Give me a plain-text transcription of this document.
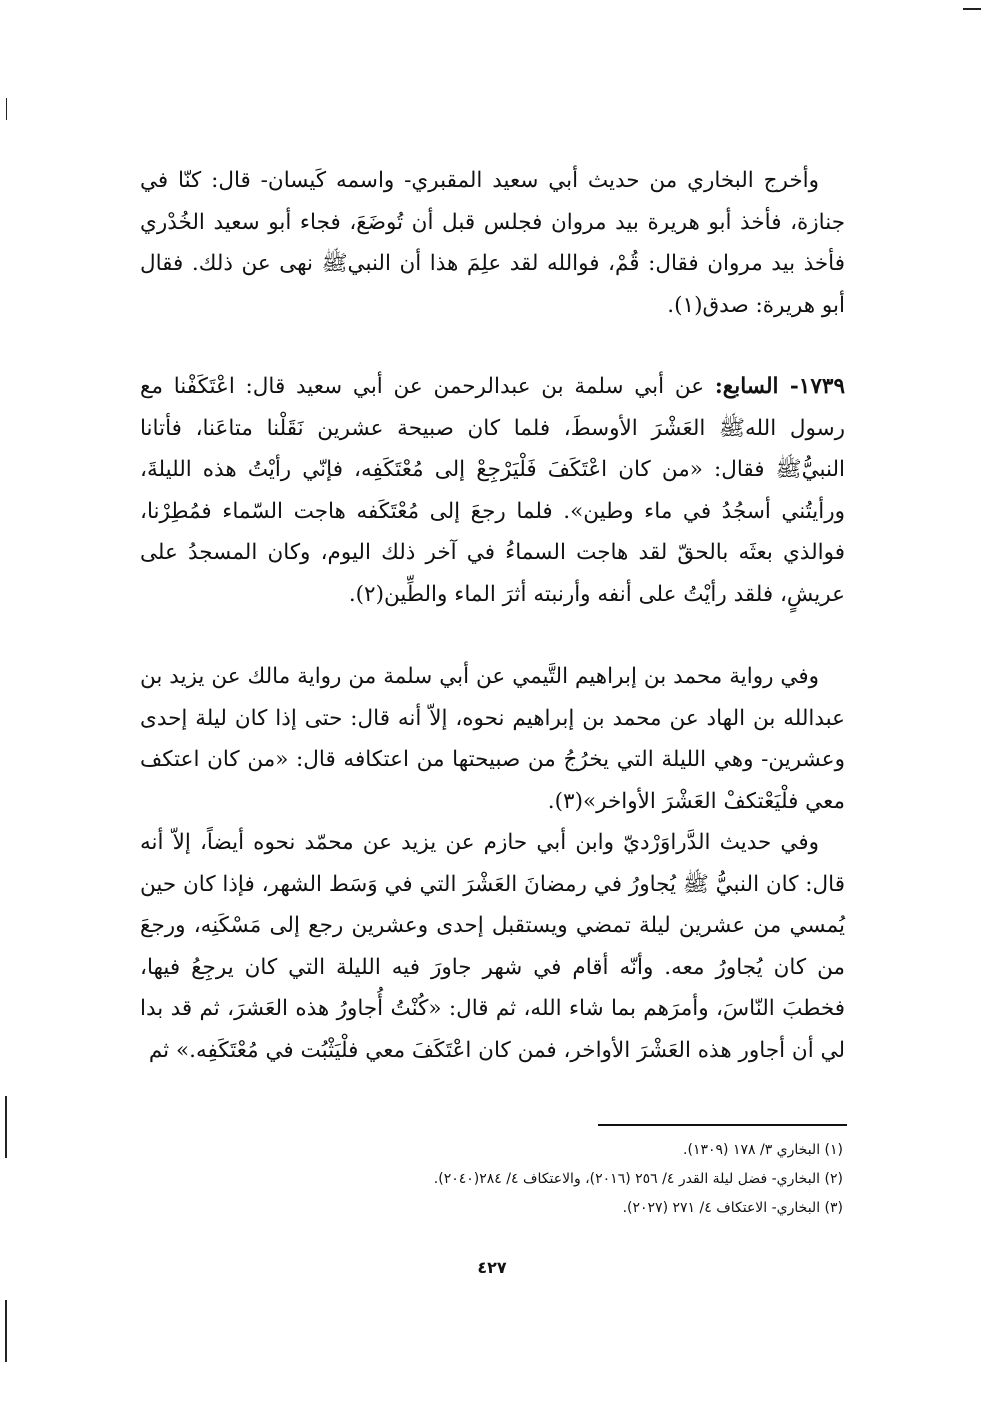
وأخرج البخاري من حديث أبي سعيد المقبري- واسمه كَيسان- قال: كنّا في جنازة، فأخذ أبو هريرة بيد مروان فجلس قبل أن تُوضَعَ، فجاء أبو سعيد الخُدْري فأخذ بيد مروان فقال: قُمْ، فوالله لقد علِمَ هذا أن النبيﷺ نهى عن ذلك. فقال أبو هريرة: صدق(١).

١٧٣٩- السابع: عن أبي سلمة بن عبدالرحمن عن أبي سعيد قال: اعْتَكَفْنا مع رسول اللهﷺ العَشْرَ الأوسطَ، فلما كان صبيحة عشرين نَقَلْنا متاعَنا، فأتانا النبيُّﷺ فقال: «من كان اعْتَكَفَ فَلْيَرْجِعْ إلى مُعْتَكَفِه، فإنّي رأيْتُ هذه الليلةَ، ورأيتُني أسجُدُ في ماء وطين». فلما رجعَ إلى مُعْتَكَفه هاجت السّماء فمُطِرْنا، فوالذي بعثَه بالحقّ لقد هاجت السماءُ في آخر ذلك اليوم، وكان المسجدُ على عريشٍ، فلقد رأيْتُ على أنفه وأرنبته أثرَ الماء والطِّين(٢).

وفي رواية محمد بن إبراهيم التَّيمي عن أبي سلمة من رواية مالك عن يزيد بن عبدالله بن الهاد عن محمد بن إبراهيم نحوه، إلاّ أنه قال: حتى إذا كان ليلة إحدى وعشرين- وهي الليلة التي يخرُجُ من صبيحتها من اعتكافه قال: «من كان اعتكف معي فلْيَعْتكفْ العَشْرَ الأواخر»(٣).

وفي حديث الدَّراوَرْديّ وابن أبي حازم عن يزيد عن محمّد نحوه أيضاً، إلاّ أنه قال: كان النبيُّ ﷺ يُجاورُ في رمضانَ العَشْرَ التي في وَسَط الشهر، فإذا كان حين يُمسي من عشرين ليلة تمضي ويستقبل إحدى وعشرين رجع إلى مَسْكَنِه، ورجعَ من كان يُجاورُ معه. وأنّه أقام في شهر جاورَ فيه الليلة التي كان يرجِعُ فيها، فخطبَ النّاسَ، وأمرَهم بما شاء الله، ثم قال: «كُنْتُ أُجاورُ هذه العَشرَ، ثم قد بدا لي أن أجاور هذه العَشْرَ الأواخر، فمن كان اعْتَكَفَ معي فلْيَثْبُت في مُعْتَكَفِه.» ثم

(١) البخاري ٣/ ١٧٨ (١٣٠٩).
(٢) البخاري- فضل ليلة القدر ٤/ ٢٥٦ (٢٠١٦)، والاعتكاف ٤/ ٢٨٤(٢٠٤٠).
(٣) البخاري- الاعتكاف ٤/ ٢٧١ (٢٠٢٧).
٤٢٧
